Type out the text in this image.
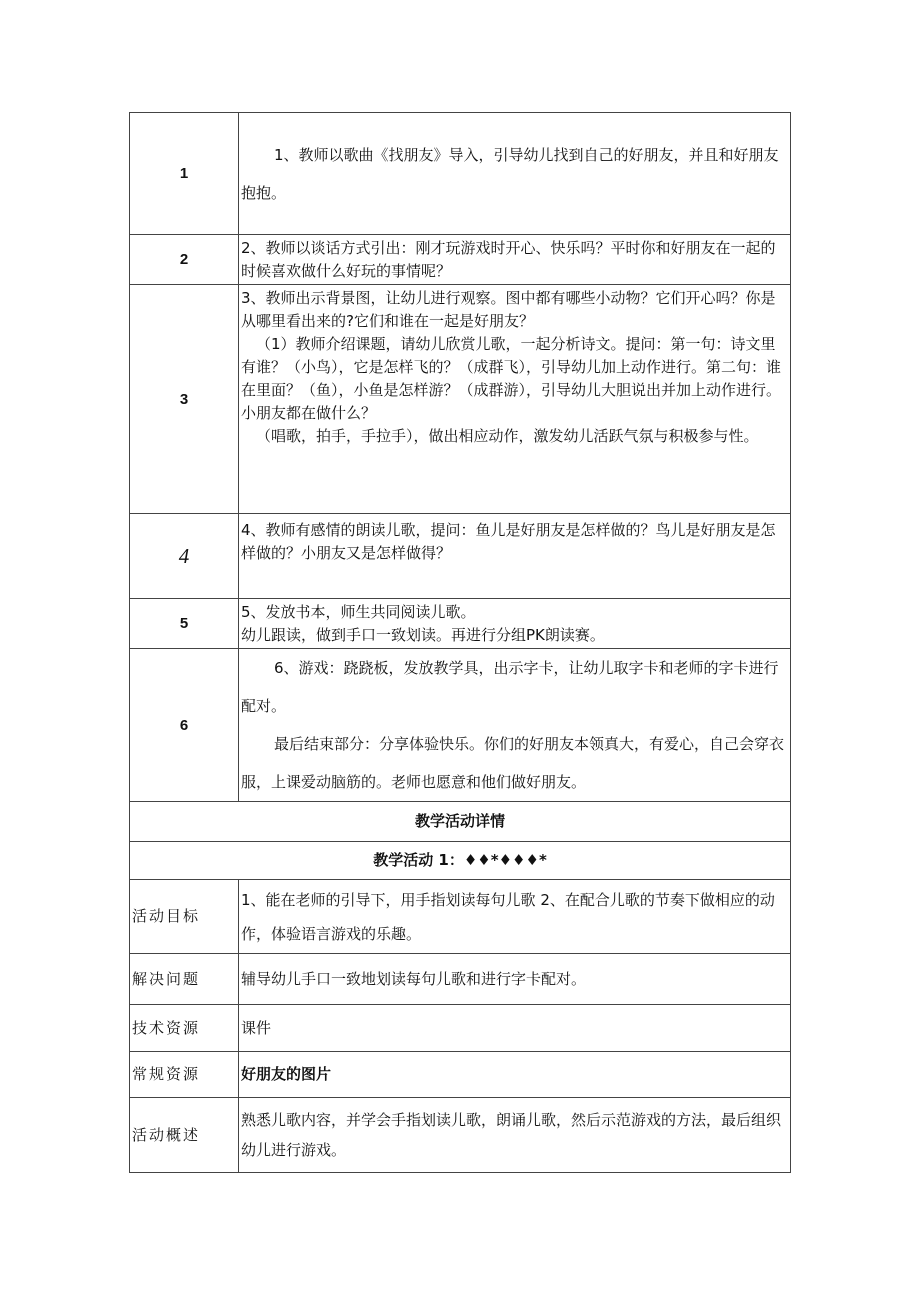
1	1、教师以歌曲《找朋友》导入，引导幼儿找到自己的好朋友，并且和好朋友抱抱。

2	2、教师以谈话方式引出：刚才玩游戏时开心、快乐吗？平时你和好朋友在一起的时候喜欢做什么好玩的事情呢？

3	3、教师出示背景图，让幼儿进行观察。图中都有哪些小动物？它们开心吗？你是从哪里看出来的?它们和谁在一起是好朋友？

（1）教师介绍课题，请幼儿欣赏儿歌，一起分析诗文。提问：第一句：诗文里有谁？（小鸟），它是怎样飞的？（成群飞），引导幼儿加上动作进行。第二句：谁在里面？（鱼），小鱼是怎样游？（成群游），引导幼儿大胆说出并加上动作进行。小朋友都在做什么？

（唱歌，拍手，手拉手），做出相应动作，激发幼儿活跃气氛与积极参与性。

4	4、教师有感情的朗读儿歌，提问：鱼儿是好朋友是怎样做的？鸟儿是好朋友是怎样做的？小朋友又是怎样做得？

5	5、发放书本，师生共同阅读儿歌。

幼儿跟读，做到手口一致划读。再进行分组PK朗读赛。

6	6、游戏：跷跷板，发放教学具，出示字卡，让幼儿取字卡和老师的字卡进行配对。

最后结束部分：分享体验快乐。你们的好朋友本领真大，有爱心，自己会穿衣服，上课爱动脑筋的。老师也愿意和他们做好朋友。

教学活动详情	
教学活动 1：♦♦*♦♦♦*	
活动目标	1、能在老师的引导下，用手指划读每句儿歌 2、在配合儿歌的节奏下做相应的动作，体验语言游戏的乐趣。

解决问题	辅导幼儿手口一致地划读每句儿歌和进行字卡配对。
技术资源	课件
常规资源	好朋友的图片
活动概述	熟悉儿歌内容，并学会手指划读儿歌，朗诵儿歌，然后示范游戏的方法，最后组织幼儿进行游戏。
